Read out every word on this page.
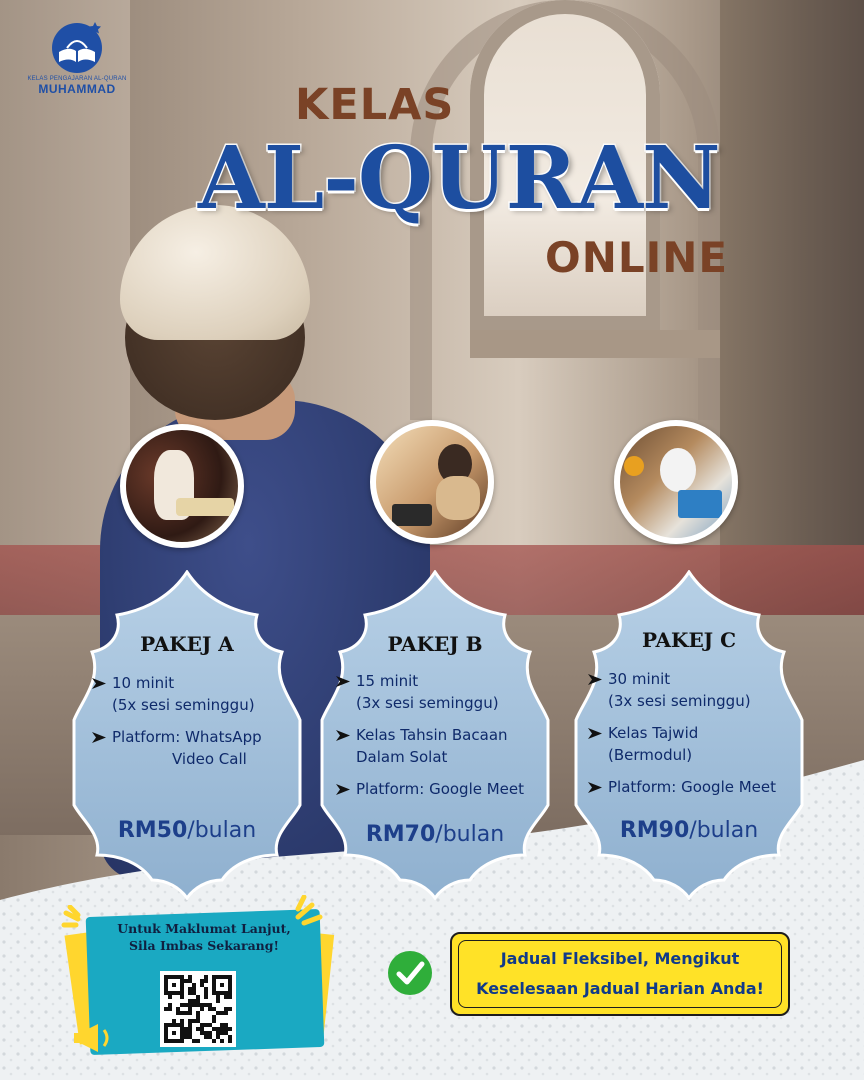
KELAS PENGAJARAN AL-QURAN
MUHAMMAD	KELAS
AL-QURAN
ONLINE
PAKEJ A
10 minit
(5x sesi seminggu)
Platform: WhatsApp
Video Call
RM50/bulan
PAKEJ B
15 minit
(3x sesi seminggu)
Kelas Tahsin Bacaan
Dalam Solat
Platform: Google Meet
RM70/bulan
PAKEJ C
30 minit
(3x sesi seminggu)
Kelas Tajwid
(Bermodul)
Platform: Google Meet
RM90/bulan
Untuk Maklumat Lanjut,
Sila Imbas Sekarang!
Jadual Fleksibel, Mengikut
Keselesaan Jadual Harian Anda!
